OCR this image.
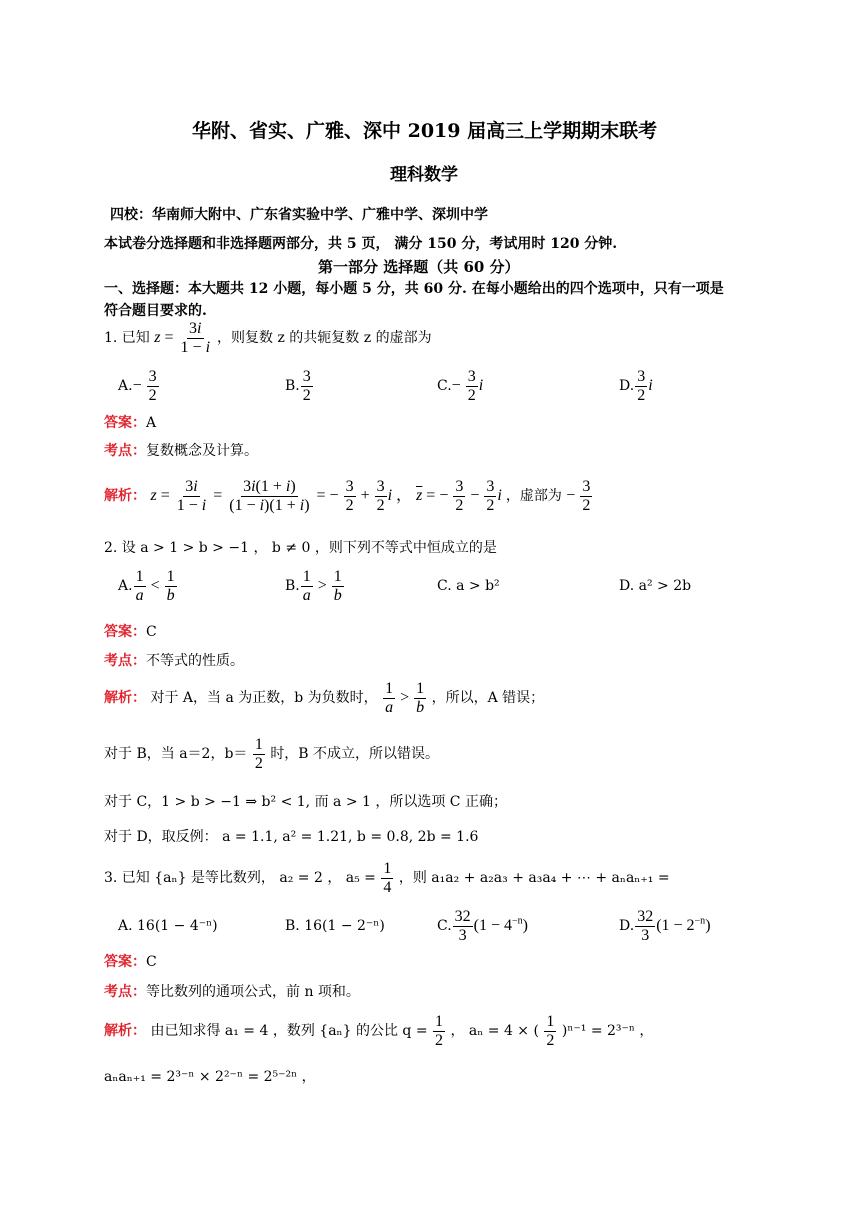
华附、省实、广雅、深中 2019 届高三上学期期末联考
理科数学
四校：华南师大附中、广东省实验中学、广雅中学、深圳中学
本试卷分选择题和非选择题两部分，共 5 页， 满分 150 分，考试用时 120 分钟.
第一部分 选择题（共 60 分）
一、选择题：本大题共 12 小题，每小题 5 分，共 60 分. 在每小题给出的四个选项中，只有一项是
符合题目要求的.
1. 已知 $z = \frac{3i}{1 - i}$ ，则复数 z 的共轭复数 z 的虚部为
$A.- \frac{3}{2}$	B. $\frac{3}{2}$	$C.- \frac{3}{2}$ i	D. $\frac{3}{2}$ i
答案：A
考点：复数概念及计算。
解析： $z = \frac{3i}{1 - i} = \frac{3i(1 + i)}{(1 - i)(1 + i)}$ = − $\frac{3}{2} + \frac{3}{2}$ i ， $\overline{z}$ = − $\frac{3}{2} - \frac{3}{2}$ i ，虚部为 − $\frac{3}{2}$
2. 设 a > 1 > b > −1 ， b ≠ 0 ，则下列不等式中恒成立的是
A. $\frac{1}{a} < \frac{1}{b}$	B. $\frac{1}{a} > \frac{1}{b}$	C. a > b²	D. a² > 2b
答案：C
考点：不等式的性质。
解析： 对于 A，当 a 为正数，b 为负数时， $\frac{1}{a} > \frac{1}{b}$ ，所以，A 错误；
对于 B，当 a＝2，$b= \frac{1}{2}$ 时，B 不成立，所以错误。
对于 C，1 > b > −1 ⇒ b² < 1, 而 a > 1 ，所以选项 C 正确；
对于 D，取反例： a = 1.1, a² = 1.21, b = 0.8, 2b = 1.6
3. 已知 {aₙ} 是等比数列， a₂ = 2 ， $a_5 = \frac{1}{4}$ ，则 a₁a₂ + a₂a₃ + a₃a₄ + ⋯ + aₙaₙ₊₁ =
A. 16(1 − 4⁻ⁿ)	B. 16(1 − 2⁻ⁿ)	C. $\frac{32}{3} (1 - 4^{-n})$	D. $\frac{32}{3} (1 - 2^{-n})$
答案：C
考点：等比数列的通项公式，前 n 项和。
解析： 由已知求得 a₁ = 4 ，数列 {aₙ} 的公比 $q = \frac{1}{2}$ ， aₙ = 4 × ( $\frac{1}{2} )^{n-1} = 2^{3-n}$ ，
aₙaₙ₊₁ = 2³⁻ⁿ × 2²⁻ⁿ = 2⁵⁻²ⁿ ，
